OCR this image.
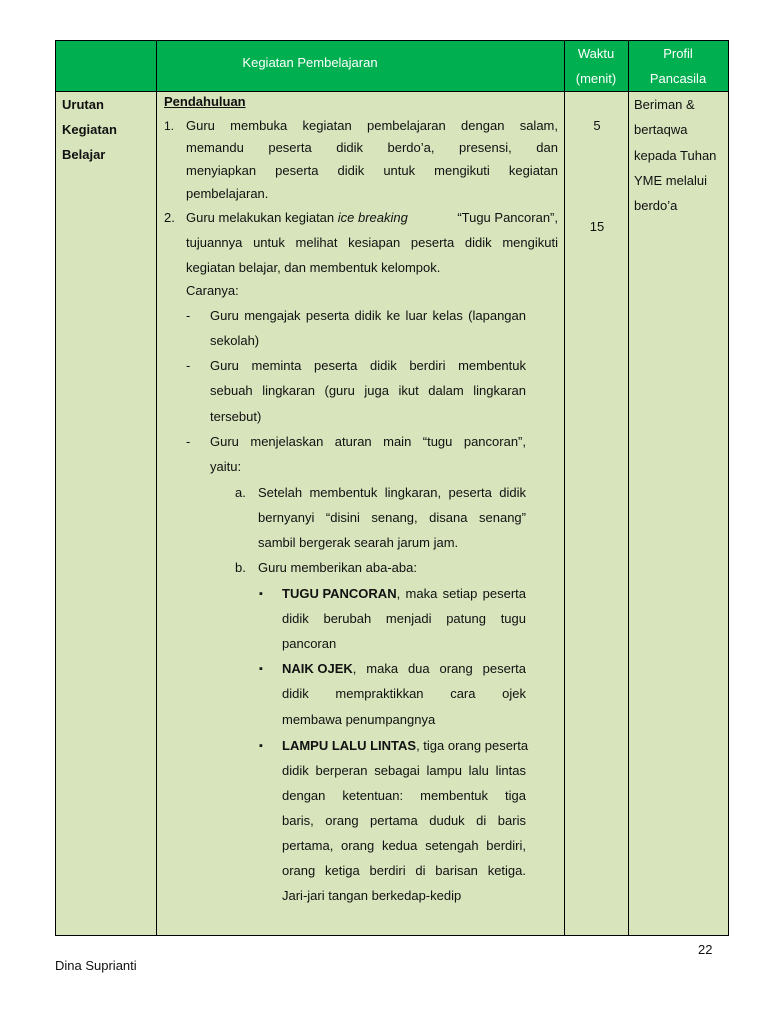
Kegiatan Pembelajaran
Waktu
(menit)
Profil
Pancasila
Urutan
Kegiatan
Belajar
Pendahuluan
1. Guru membuka kegiatan pembelajaran dengan salam,
memandu peserta didik berdo’a, presensi, dan
menyiapkan peserta didik untuk mengikuti kegiatan
pembelajaran.
2. Guru melakukan kegiatan ice breaking	“Tugu Pancoran”,
tujuannya untuk melihat kesiapan peserta didik mengikuti
kegiatan belajar, dan membentuk kelompok.
Caranya:
- Guru mengajak peserta didik ke luar kelas (lapangan
sekolah)
- Guru meminta peserta didik berdiri membentuk
sebuah lingkaran (guru juga ikut dalam lingkaran
tersebut)
- Guru menjelaskan aturan main “tugu pancoran”,
yaitu:
a. Setelah membentuk lingkaran, peserta didik
bernyanyi “disini senang, disana senang”
sambil bergerak searah jarum jam.
b. Guru memberikan aba-aba:
▪ TUGU PANCORAN , maka setiap peserta
didik berubah menjadi patung tugu
pancoran
▪ NAIK OJEK , maka dua orang peserta
didik mempraktikkan cara ojek
membawa penumpangnya
▪ LAMPU LALU LINTAS , tiga orang peserta
didik berperan sebagai lampu lalu lintas
dengan ketentuan: membentuk tiga
baris, orang pertama duduk di baris
pertama, orang kedua setengah berdiri,
orang ketiga berdiri di barisan ketiga.
Jari-jari tangan berkedap-kedip
5
15
Beriman &
bertaqwa
kepada Tuhan
YME melalui
berdo’a
22
Dina Suprianti
